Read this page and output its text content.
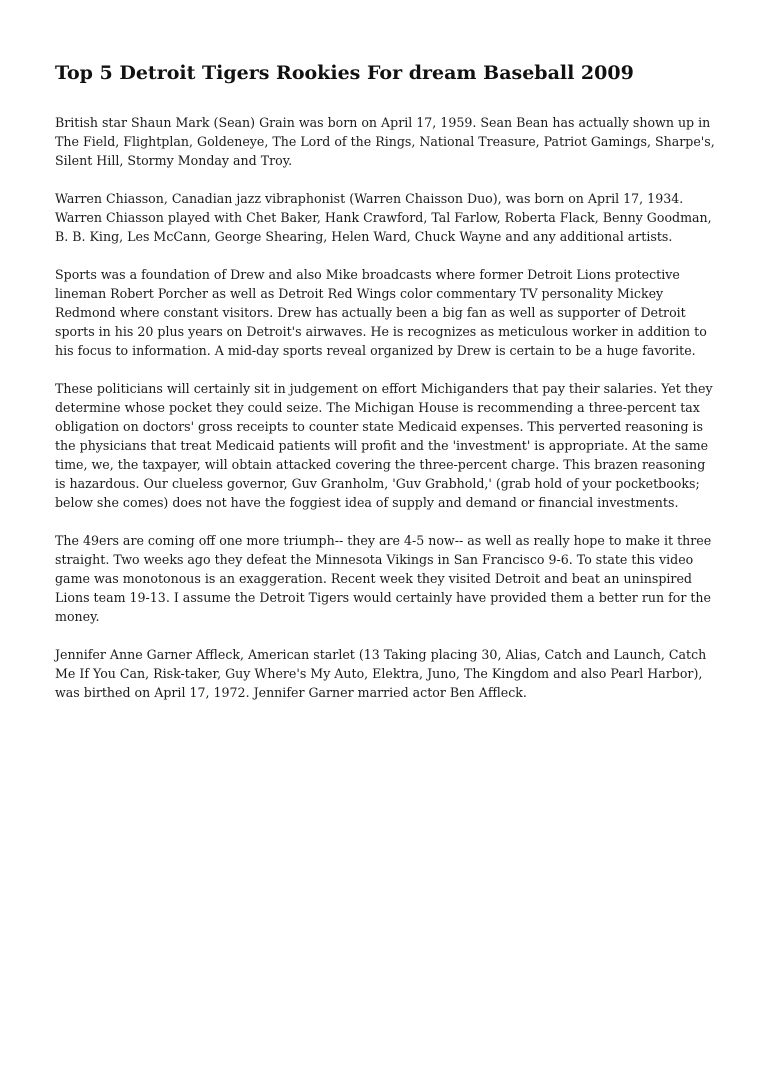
Top 5 Detroit Tigers Rookies For dream Baseball 2009

British star Shaun Mark (Sean) Grain was born on April 17, 1959. Sean Bean has actually shown up in The Field, Flightplan, Goldeneye, The Lord of the Rings, National Treasure, Patriot Gamings, Sharpe's, Silent Hill, Stormy Monday and Troy.

Warren Chiasson, Canadian jazz vibraphonist (Warren Chaisson Duo), was born on April 17, 1934. Warren Chiasson played with Chet Baker, Hank Crawford, Tal Farlow, Roberta Flack, Benny Goodman, B. B. King, Les McCann, George Shearing, Helen Ward, Chuck Wayne and any additional artists.

Sports was a foundation of Drew and also Mike broadcasts where former Detroit Lions protective lineman Robert Porcher as well as Detroit Red Wings color commentary TV personality Mickey Redmond where constant visitors. Drew has actually been a big fan as well as supporter of Detroit sports in his 20 plus years on Detroit's airwaves. He is recognizes as meticulous worker in addition to his focus to information. A mid-day sports reveal organized by Drew is certain to be a huge favorite.

These politicians will certainly sit in judgement on effort Michiganders that pay their salaries. Yet they determine whose pocket they could seize. The Michigan House is recommending a three-percent tax obligation on doctors' gross receipts to counter state Medicaid expenses. This perverted reasoning is the physicians that treat Medicaid patients will profit and the 'investment' is appropriate. At the same time, we, the taxpayer, will obtain attacked covering the three-percent charge. This brazen reasoning is hazardous. Our clueless governor, Guv Granholm, 'Guv Grabhold,' (grab hold of your pocketbooks; below she comes) does not have the foggiest idea of supply and demand or financial investments.

The 49ers are coming off one more triumph-- they are 4-5 now-- as well as really hope to make it three straight. Two weeks ago they defeat the Minnesota Vikings in San Francisco 9-6. To state this video game was monotonous is an exaggeration. Recent week they visited Detroit and beat an uninspired Lions team 19-13. I assume the Detroit Tigers would certainly have provided them a better run for the money.

Jennifer Anne Garner Affleck, American starlet (13 Taking placing 30, Alias, Catch and Launch, Catch Me If You Can, Risk-taker, Guy Where's My Auto, Elektra, Juno, The Kingdom and also Pearl Harbor), was birthed on April 17, 1972. Jennifer Garner married actor Ben Affleck.
